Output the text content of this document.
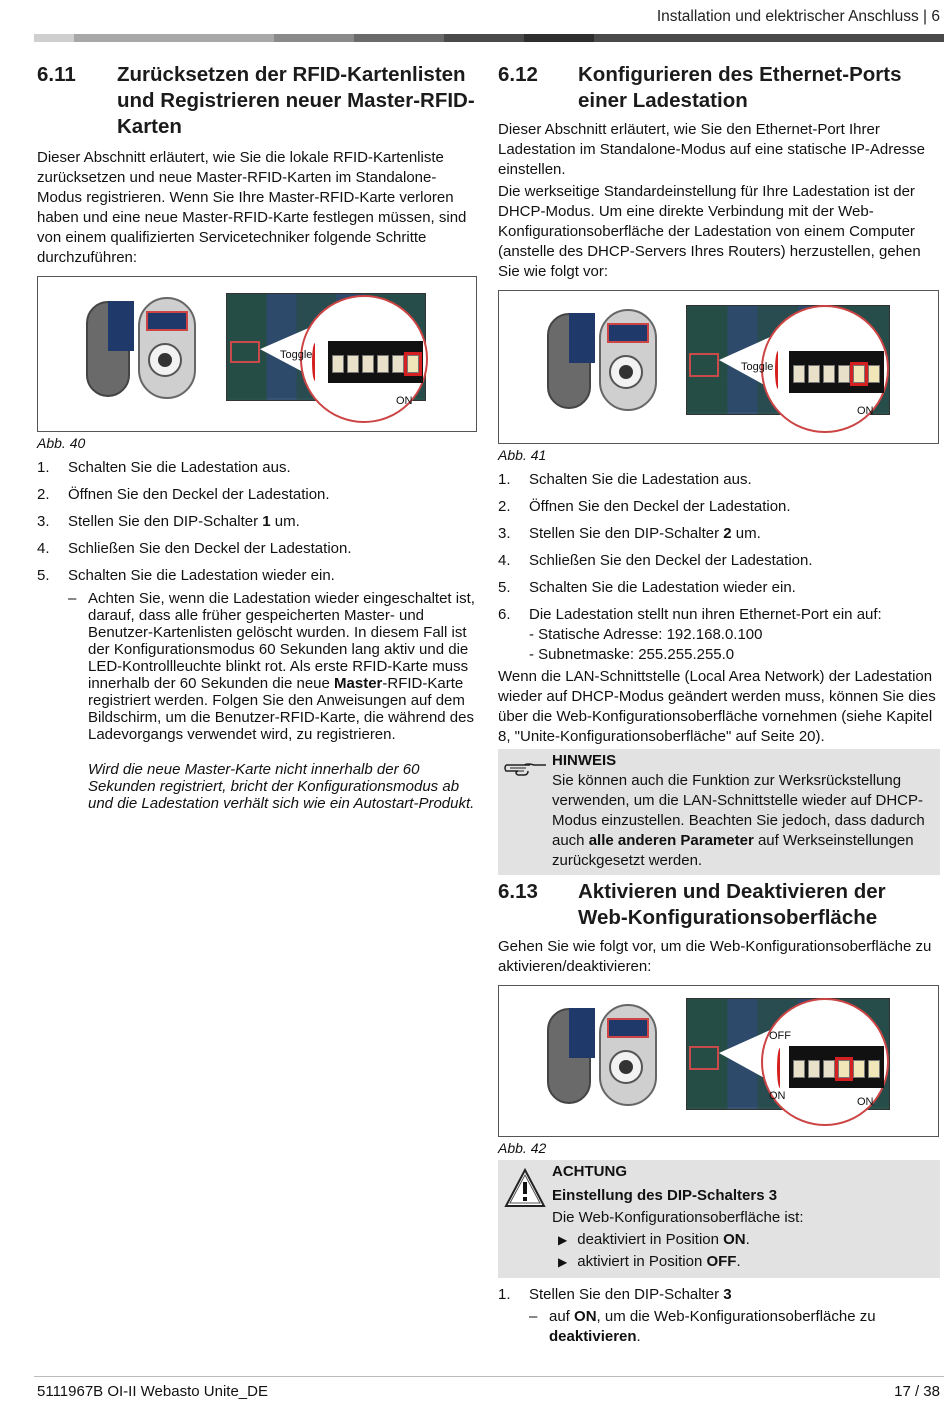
Installation und elektrischer Anschluss | 6
6.11	Zurücksetzen der RFID-Kartenlisten und Registrieren neuer Master-RFID-Karten

Dieser Abschnitt erläutert, wie Sie die lokale RFID-Kartenliste zurücksetzen und neue Master-RFID-Karten im Standalone-Modus registrieren. Wenn Sie Ihre Master-RFID-Karte verloren haben und eine neue Master-RFID-Karte festlegen müssen, sind von einem qualifizierten Servicetechniker folgende Schritte durchzuführen:

Toggle
ON
Abb. 40
1.	Schalten Sie die Ladestation aus.
2.	Öffnen Sie den Deckel der Ladestation.
3.	Stellen Sie den DIP-Schalter 1 um.
4.	Schließen Sie den Deckel der Ladestation.
5.	Schalten Sie die Ladestation wieder ein.
– Achten Sie, wenn die Ladestation wieder eingeschaltet ist, darauf, dass alle früher gespeicherten Master- und Benutzer-Kartenlisten gelöscht wurden. In diesem Fall ist der Konfigurationsmodus 60 Sekunden lang aktiv und die LED-Kontrollleuchte blinkt rot. Als erste RFID-Karte muss innerhalb der 60 Sekunden die neue Master-RFID-Karte registriert werden. Folgen Sie den Anweisungen auf dem Bildschirm, um die Benutzer-RFID-Karte, die während des Ladevorgangs verwendet wird, zu registrieren.
Wird die neue Master-Karte nicht innerhalb der 60 Sekunden registriert, bricht der Konfigurationsmodus ab und die Ladestation verhält sich wie ein Autostart-Produkt.
6.12	Konfigurieren des Ethernet-Ports einer Ladestation

Dieser Abschnitt erläutert, wie Sie den Ethernet-Port Ihrer Ladestation im Standalone-Modus auf eine statische IP-Adresse einstellen.

Die werkseitige Standardeinstellung für Ihre Ladestation ist der DHCP-Modus. Um eine direkte Verbindung mit der Web-Konfigurationsoberfläche der Ladestation von einem Computer (anstelle des DHCP-Servers Ihres Routers) herzustellen, gehen Sie wie folgt vor:

Toggle
ON
Abb. 41
1.	Schalten Sie die Ladestation aus.
2.	Öffnen Sie den Deckel der Ladestation.
3.	Stellen Sie den DIP-Schalter 2 um.
4.	Schließen Sie den Deckel der Ladestation.
5.	Schalten Sie die Ladestation wieder ein.
6.	Die Ladestation stellt nun ihren Ethernet-Port ein auf:
- Statische Adresse: 192.168.0.100
- Subnetmaske: 255.255.255.0

Wenn die LAN-Schnittstelle (Local Area Network) der Ladestation wieder auf DHCP-Modus geändert werden muss, können Sie dies über die Web-Konfigurationsoberfläche vornehmen (siehe Kapitel 8, "Unite-Konfigurationsoberfläche" auf Seite 20).

HINWEIS
Sie können auch die Funktion zur Werksrückstellung verwenden, um die LAN-Schnittstelle wieder auf DHCP-Modus einzustellen. Beachten Sie jedoch, dass dadurch auch alle anderen Parameter auf Werkseinstellungen zurückgesetzt werden.
6.13	Aktivieren und Deaktivieren der Web-Konfigurationsoberfläche

Gehen Sie wie folgt vor, um die Web-Konfigurationsoberfläche zu aktivieren/deaktivieren:

OFF
ON	ON
Abb. 42
ACHTUNG
Einstellung des DIP-Schalters 3
Die Web-Konfigurationsoberfläche ist:
▶ deaktiviert in Position ON.
▶ aktiviert in Position OFF.
1.	Stellen Sie den DIP-Schalter 3
– auf ON, um die Web-Konfigurationsoberfläche zu deaktivieren.
5111967B OI-II Webasto Unite_DE	17 / 38
